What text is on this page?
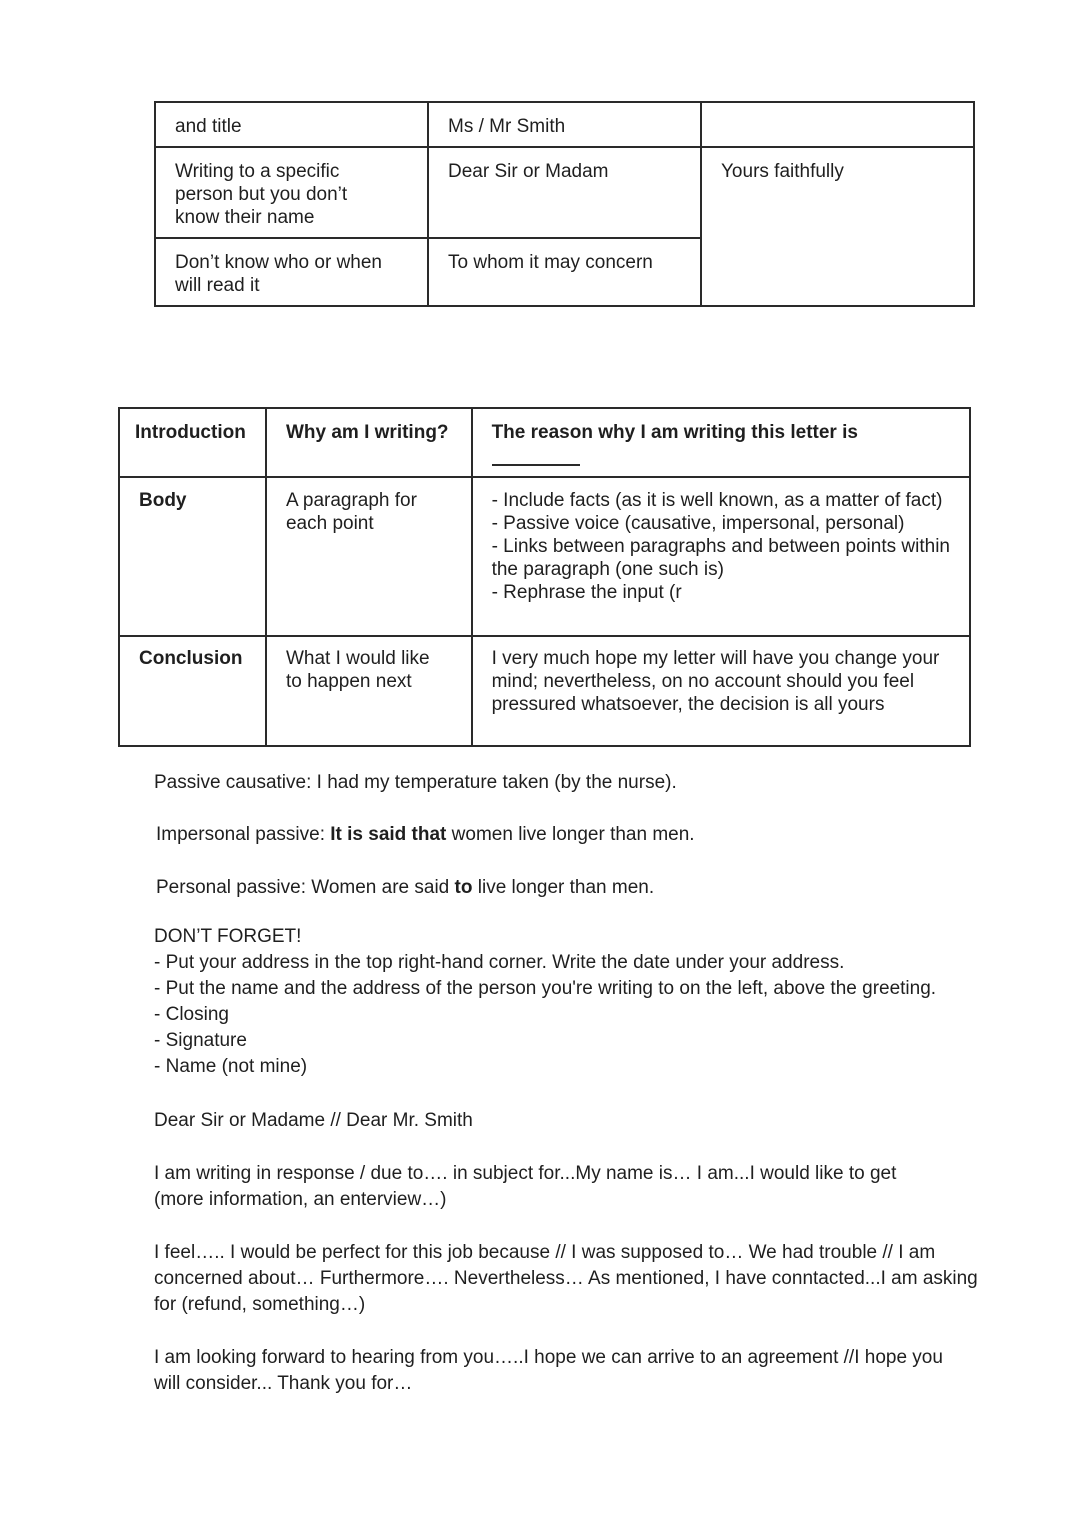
and title	Ms / Mr Smith	
Writing to a specific
person but you don’t
know their name	Dear Sir or Madam	Yours faithfully
Don’t know who or when
will read it	To whom it may concern	
Introduction	Why am I writing?	The reason why I am writing this letter is

Body	A paragraph for
each point	- Include facts (as it is well known, as a matter of fact)
- Passive voice (causative, impersonal, personal)
- Links between paragraphs and between points within the paragraph (one such is)
- Rephrase the input (r

Conclusion	What I would like
to happen next	I very much hope my letter will have you change your mind; nevertheless, on no account should you feel pressured whatsoever, the decision is all yours
Passive causative: I had my temperature taken (by the nurse).
Impersonal passive: It is said that women live longer than men.
Personal passive: Women are said to live longer than men.
DON’T FORGET!
- Put your address in the top right-hand corner. Write the date under your address.
- Put the name and the address of the person you're writing to on the left, above the greeting.
- Closing
- Signature
- Name (not mine)
Dear Sir or Madame // Dear Mr. Smith
I am writing in response / due to…. in subject for...My name is… I am...I would like to get (more information, an enterview…)
I feel….. I would be perfect for this job because // I was supposed to… We had trouble // I am concerned about… Furthermore…. Nevertheless… As mentioned, I have conntacted...I am asking for (refund, something…)
I am looking forward to hearing from you…..I hope we can arrive to an agreement //I hope you will consider... Thank you for…
